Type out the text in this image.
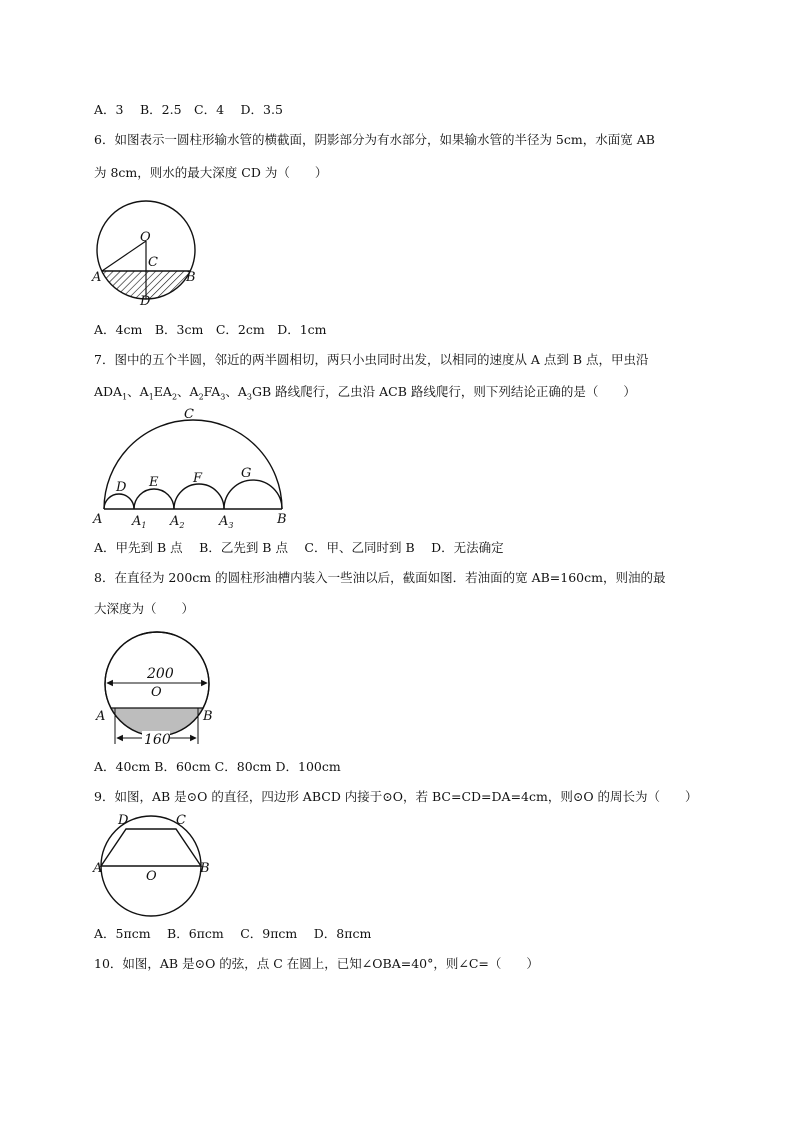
A．3　 B．2.5　C．4　 D．3.5
6．如图表示一圆柱形输水管的横截面，阴影部分为有水部分，如果输水管的半径为 5cm，水面宽 AB
为 8cm，则水的最大深度 CD 为（　　）
O
C
A	B
D
A．4cm　B．3cm　C．2cm　D．1cm
7．图中的五个半圆，邻近的两半圆相切，两只小虫同时出发，以相同的速度从 A 点到 B 点，甲虫沿
$ADA_1$、$A_1EA_2$、$A_2FA_3$、$A_3GB$ 路线爬行，乙虫沿 ACB 路线爬行，则下列结论正确的是（　　）
C
D E	F	G
A $A_1$ $A_2$	$A_3$	B
A．甲先到 B 点　 B．乙先到 B 点　 C．甲、乙同时到 B　 D．无法确定
8．在直径为 200cm 的圆柱形油槽内装入一些油以后，截面如图．若油面的宽 AB=160cm，则油的最
大深度为（　　）
200
O
A	B
160
A．40cm B．60cm C．80cm D．100cm
9．如图，AB 是⊙O 的直径，四边形 ABCD 内接于⊙O，若 BC=CD=DA=4cm，则⊙O 的周长为（　　）
D	C
A	B
O
A．5πcm　 B．6πcm　 C．9πcm　 D．8πcm
10．如图，AB 是⊙O 的弦，点 C 在圆上，已知∠OBA=40°，则∠C=（　　）
